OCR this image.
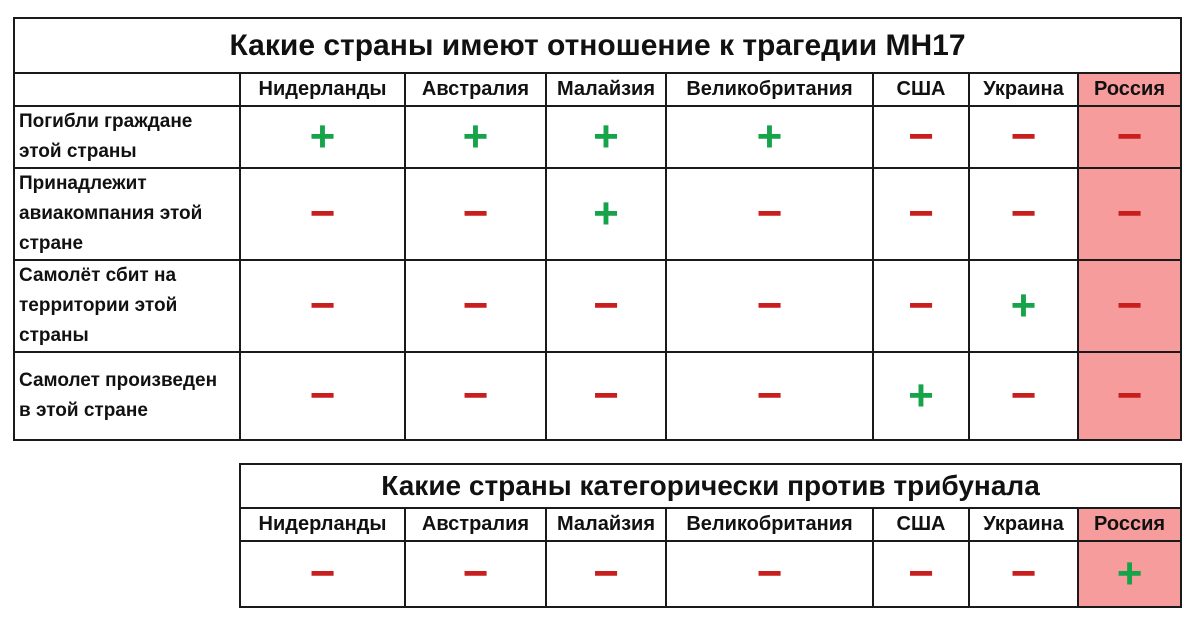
Какие страны имеют отношение к трагедии MH17							
	Нидерланды	Австралия	Малайзия	Великобритания	США	Украина	Россия

Погибли граждане
этой страны	+	+	+	+	−	−	−

Принадлежит
авиакомпания этой
стране	−	−	+	−	−	−	−

Самолёт сбит на
территории этой
страны	−	−	−	−	−	+	−

Самолет произведен
в этой стране	−	−	−	−	+	−	−
Какие страны категорически против трибунала						
Нидерланды	Австралия	Малайзия	Великобритания	США	Украина	Россия
−	−	−	−	−	−	+
